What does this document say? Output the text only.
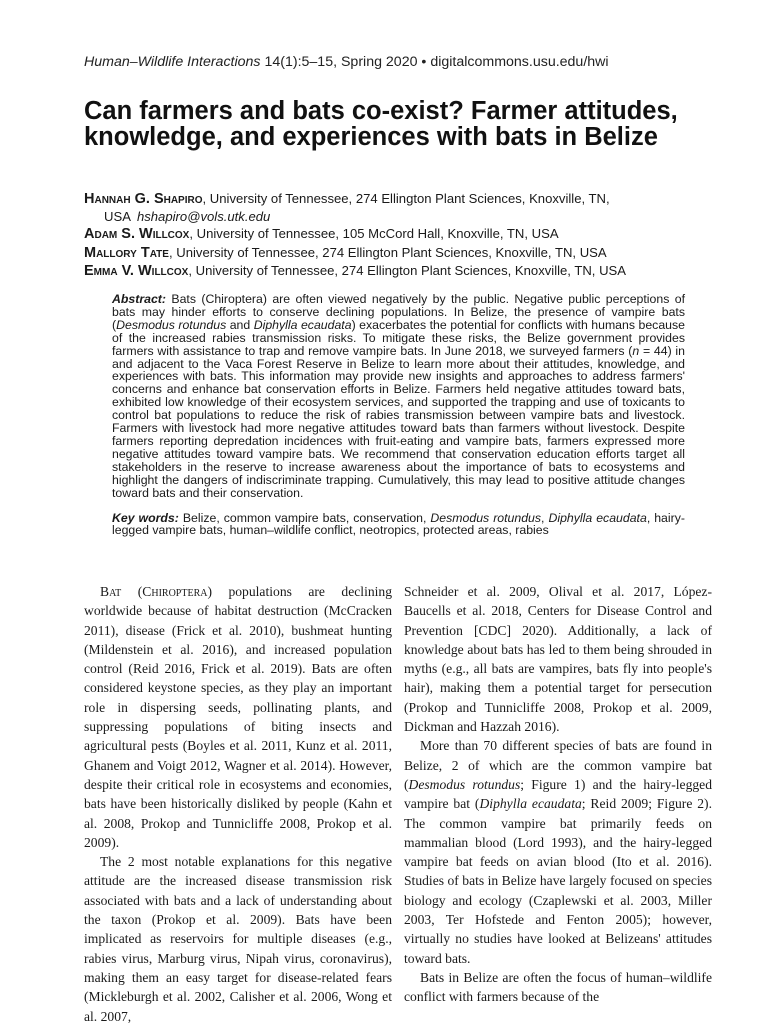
Human–Wildlife Interactions 14(1):5–15, Spring 2020 • digitalcommons.usu.edu/hwi
Can farmers and bats co-exist? Farmer attitudes, knowledge, and experiences with bats in Belize

Hannah G. Shapiro, University of Tennessee, 274 Ellington Plant Sciences, Knoxville, TN,

USA hshapiro@vols.utk.edu

Adam S. Willcox, University of Tennessee, 105 McCord Hall, Knoxville, TN, USA

Mallory Tate, University of Tennessee, 274 Ellington Plant Sciences, Knoxville, TN, USA

Emma V. Willcox, University of Tennessee, 274 Ellington Plant Sciences, Knoxville, TN, USA

Abstract: Bats (Chiroptera) are often viewed negatively by the public. Negative public perceptions of bats may hinder efforts to conserve declining populations. In Belize, the presence of vampire bats (Desmodus rotundus and Diphylla ecaudata) exacerbates the potential for conflicts with humans because of the increased rabies transmission risks. To mitigate these risks, the Belize government provides farmers with assistance to trap and remove vampire bats. In June 2018, we surveyed farmers (n = 44) in and adjacent to the Vaca Forest Reserve in Belize to learn more about their attitudes, knowledge, and experiences with bats. This information may provide new insights and approaches to address farmers' concerns and enhance bat conservation efforts in Belize. Farmers held negative attitudes toward bats, exhibited low knowledge of their ecosystem services, and supported the trapping and use of toxicants to control bat populations to reduce the risk of rabies transmission between vampire bats and livestock. Farmers with livestock had more negative attitudes toward bats than farmers without livestock. Despite farmers reporting depredation incidences with fruit-eating and vampire bats, farmers expressed more negative attitudes toward vampire bats. We recommend that conservation education efforts target all stakeholders in the reserve to increase awareness about the importance of bats to ecosystems and highlight the dangers of indiscriminate trapping. Cumulatively, this may lead to positive attitude changes toward bats and their conservation.

Key words: Belize, common vampire bats, conservation, Desmodus rotundus, Diphylla ecaudata, hairy-legged vampire bats, human–wildlife conflict, neotropics, protected areas, rabies

Bat (Chiroptera) populations are declining worldwide because of habitat destruction (McCracken 2011), disease (Frick et al. 2010), bushmeat hunting (Mildenstein et al. 2016), and increased population control (Reid 2016, Frick et al. 2019). Bats are often considered keystone species, as they play an important role in dispersing seeds, pollinating plants, and suppressing populations of biting insects and agricultural pests (Boyles et al. 2011, Kunz et al. 2011, Ghanem and Voigt 2012, Wagner et al. 2014). However, despite their critical role in ecosystems and economies, bats have been historically disliked by people (Kahn et al. 2008, Prokop and Tunnicliffe 2008, Prokop et al. 2009).

The 2 most notable explanations for this negative attitude are the increased disease transmission risk associated with bats and a lack of understanding about the taxon (Prokop et al. 2009). Bats have been implicated as reservoirs for multiple diseases (e.g., rabies virus, Marburg virus, Nipah virus, coronavirus), making them an easy target for disease-related fears (Mickleburgh et al. 2002, Calisher et al. 2006, Wong et al. 2007,

Schneider et al. 2009, Olival et al. 2017, López-Baucells et al. 2018, Centers for Disease Control and Prevention [CDC] 2020). Additionally, a lack of knowledge about bats has led to them being shrouded in myths (e.g., all bats are vampires, bats fly into people's hair), making them a potential target for persecution (Prokop and Tunnicliffe 2008, Prokop et al. 2009, Dickman and Hazzah 2016).

More than 70 different species of bats are found in Belize, 2 of which are the common vampire bat (Desmodus rotundus; Figure 1) and the hairy-legged vampire bat (Diphylla ecaudata; Reid 2009; Figure 2). The common vampire bat primarily feeds on mammalian blood (Lord 1993), and the hairy-legged vampire bat feeds on avian blood (Ito et al. 2016). Studies of bats in Belize have largely focused on species biology and ecology (Czaplewski et al. 2003, Miller 2003, Ter Hofstede and Fenton 2005); however, virtually no studies have looked at Belizeans' attitudes toward bats.

Bats in Belize are often the focus of human–wildlife conflict with farmers because of the
